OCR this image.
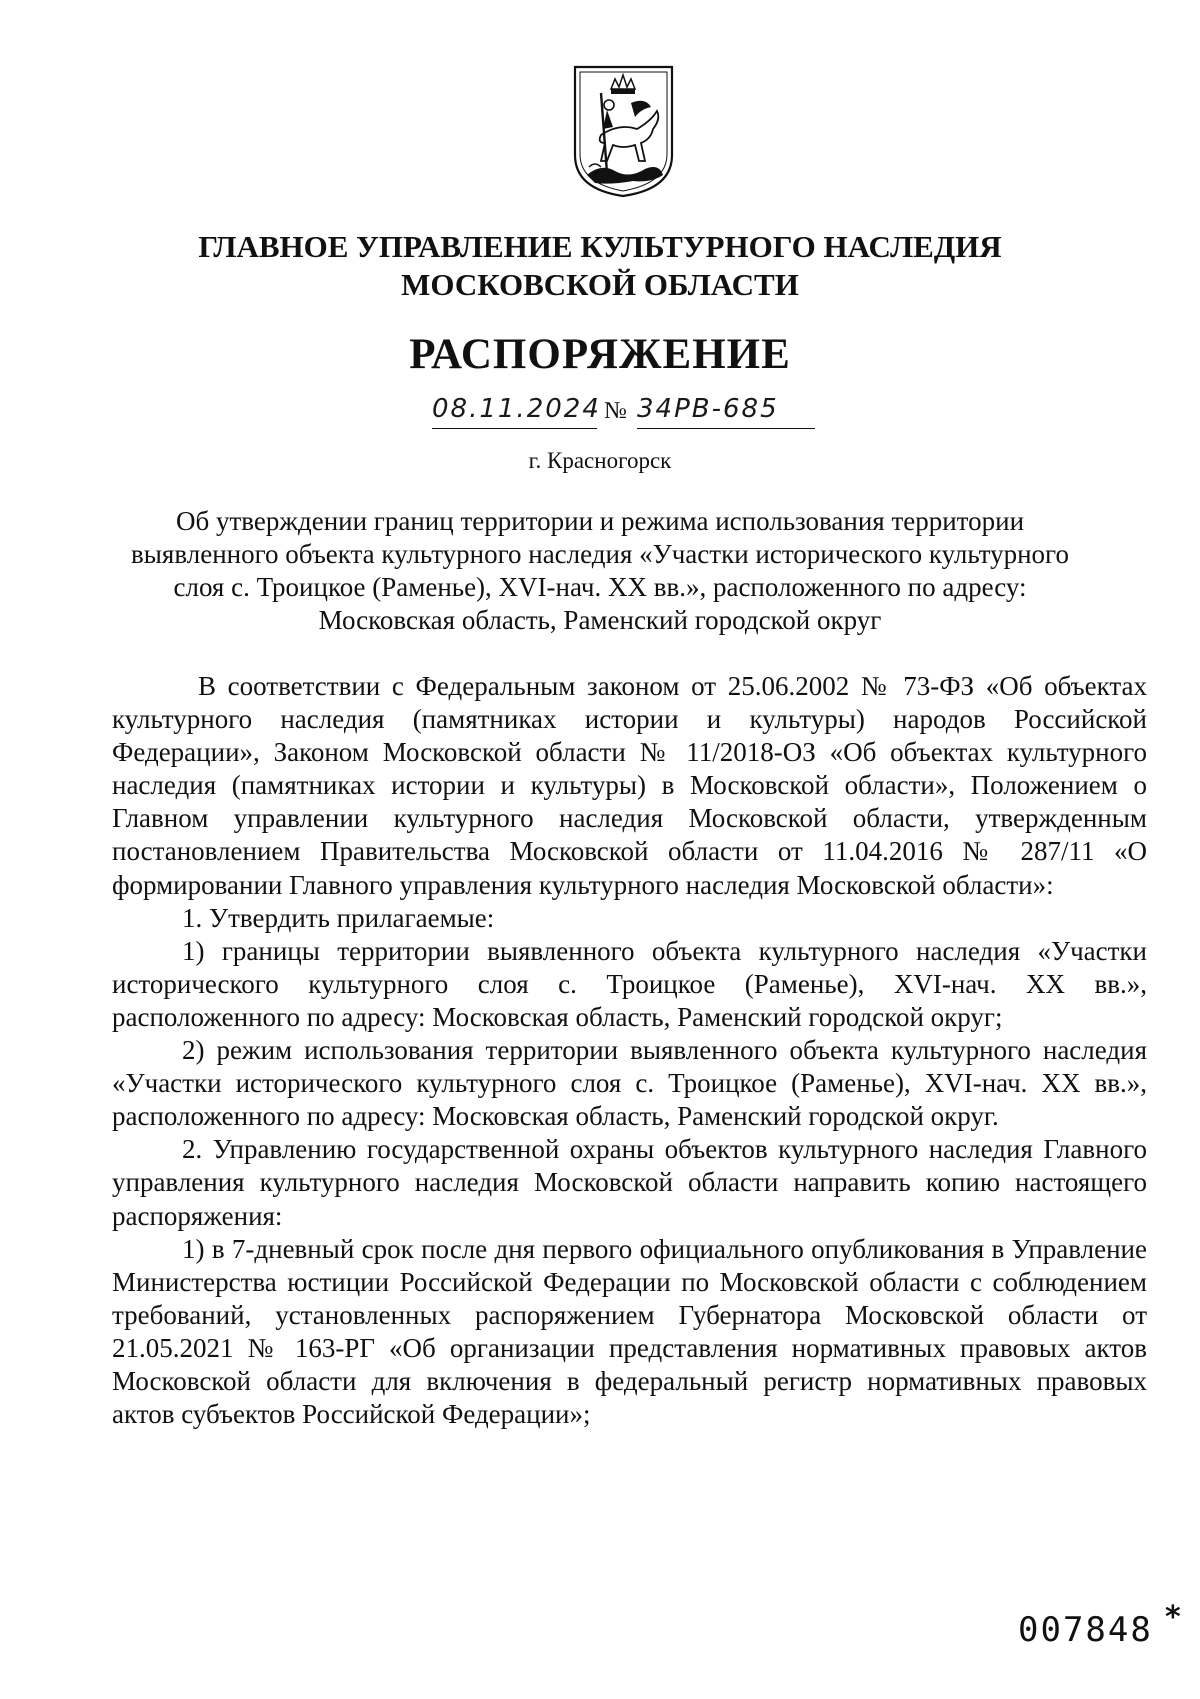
ГЛАВНОЕ УПРАВЛЕНИЕ КУЛЬТУРНОГО НАСЛЕДИЯ
МОСКОВСКОЙ ОБЛАСТИ
РАСПОРЯЖЕНИЕ
08.11.2024 № 34РВ-685
г. Красногорск
Об утверждении границ территории и режима использования территории
выявленного объекта культурного наследия «Участки исторического культурного
слоя с. Троицкое (Раменье), XVI-нач. XX вв.», расположенного по адресу:
Московская область, Раменский городской округ

В соответствии с Федеральным законом от 25.06.2002 № 73-ФЗ «Об объектах культурного наследия (памятниках истории и культуры) народов Российской Федерации», Законом Московской области № 11/2018-ОЗ «Об объектах культурного наследия (памятниках истории и культуры) в Московской области», Положением о Главном управлении культурного наследия Московской области, утвержденным постановлением Правительства Московской области от 11.04.2016 № 287/11 «О формировании Главного управления культурного наследия Московской области»:

1. Утвердить прилагаемые:

1) границы территории выявленного объекта культурного наследия «Участки исторического культурного слоя с. Троицкое (Раменье), XVI-нач. XX вв.», расположенного по адресу: Московская область, Раменский городской округ;

2) режим использования территории выявленного объекта культурного наследия «Участки исторического культурного слоя с. Троицкое (Раменье), XVI-нач. XX вв.», расположенного по адресу: Московская область, Раменский городской округ.

2. Управлению государственной охраны объектов культурного наследия Главного управления культурного наследия Московской области направить копию настоящего распоряжения:

1) в 7-дневный срок после дня первого официального опубликования в Управление Министерства юстиции Российской Федерации по Московской области с соблюдением требований, установленных распоряжением Губернатора Московской области от 21.05.2021 № 163-РГ «Об организации представления нормативных правовых актов Московской области для включения в федеральный регистр нормативных правовых актов субъектов Российской Федерации»;

007848 *
